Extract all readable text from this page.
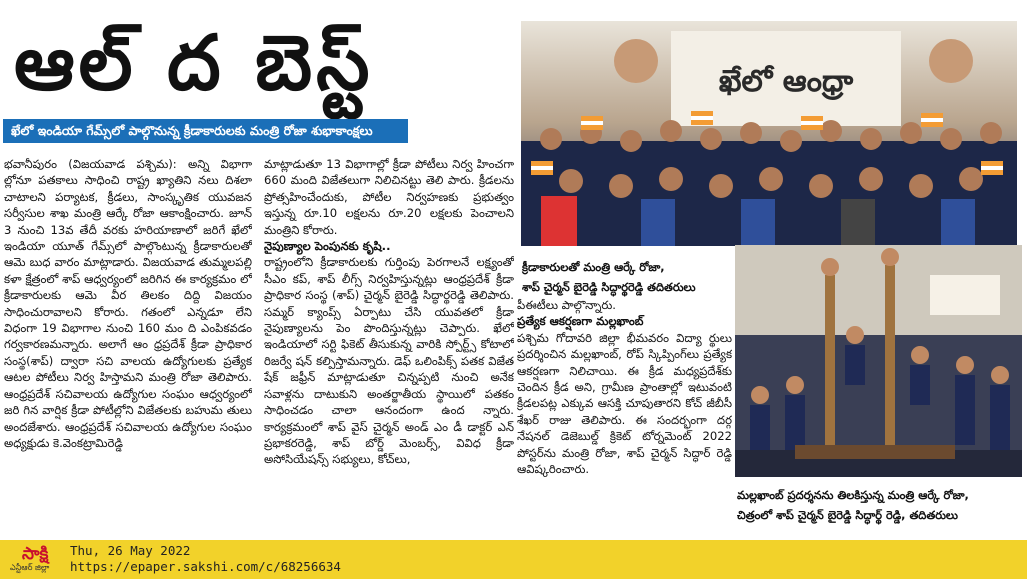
ఆల్ ద బెస్ట్
ఖేలో ఇండియా గేమ్స్‌లో పాల్గొనున్న క్రీడాకారులకు మంత్రి రోజా శుభాకాంక్షలు

భవానీపురం (విజయవాడ పశ్చిమ): అన్ని విభాగా ల్లోనూ పతకాలు సాధించి రాష్ట్ర ఖ్యాతిని నలు దిశలా చాటాలని పర్యాటక, క్రీడలు, సాంస్కృతిక యువజన సర్వీసుల శాఖ మంత్రి ఆర్కే రోజా ఆకాంక్షించారు. జూన్ 3 నుంచి 13వ తేదీ వరకు హరియాణాలో జరిగే ఖేలో ఇండియా యూత్ గేమ్స్‌లో పాల్గొంటున్న క్రీడాకారులతో ఆమె బుధ వారం మాట్లాడారు. విజయవాడ తుమ్మలపల్లి కళా క్షేత్రంలో శాప్ ఆధ్వర్యంలో జరిగిన ఈ కార్యక్రమం లో క్రీడాకారులకు ఆమె వీర తిలకం దిద్ది విజయం సాధించురావాలని కోరారు. గతంలో ఎన్నడూ లేని విధంగా 19 విభాగాల నుంచి 160 మం ది ఎంపికవడం గర్వకారణమన్నారు. అలాగే ఆం ధ్రప్రదేశ్ క్రీడా ప్రాధికార సంస్థ(శాప్) ద్వారా సచి వాలయ ఉద్యోగులకు ప్రత్యేక ఆటల పోటీలు నిర్వ హిస్తామని మంత్రి రోజా తెలిపారు. ఆంధ్రప్రదేశ్ సచివాలయ ఉద్యోగుల సంఘం ఆధ్వర్యంలో జరి గిన వార్షిక క్రీడా పోటీల్లోని విజేతలకు బహుమ తులు అందజేశారు. ఆంధ్రప్రదేశ్ సచివాలయ ఉద్యోగుల సంఘం అధ్యక్షుడు కె.వెంకట్రామిరెడ్డి

మాట్లాడుతూ 13 విభాగాల్లో క్రీడా పోటీలు నిర్వ హించగా 660 మంది విజేతలుగా నిలిచినట్టు తెలి పారు. క్రీడలను ప్రోత్సహించేందుకు, పోటీల నిర్వహణకు ప్రభుత్వం ఇస్తున్న రూ.10 లక్షలను రూ.20 లక్షలకు పెంచాలని మంత్రిని కోరారు.

నైపుణ్యాల పెంపునకు కృషి..

రాష్ట్రంలోని క్రీడాకారులకు గుర్తింపు పెరగాలనే లక్ష్యంతో సీఎం కప్, శాప్ లీగ్స్ నిర్వహిస్తున్నట్లు ఆంధ్రప్రదేశ్ క్రీడా ప్రాధికార సంస్థ (శాప్) చైర్మన్ బైరెడ్డి సిద్ధార్థరెడ్డి తెలిపారు. సమ్మర్ క్యాంప్స్ ఏర్పాటు చేసి యువతలో క్రీడా నైపుణ్యాలను పెం పొందిస్తున్నట్లు చెప్పారు. ఖేలో ఇండియాలో సర్టి ఫికెట్ తీసుకున్న వారికి స్పోర్ట్స్ కోటాలో రిజర్వే షన్ కల్పిస్తామన్నారు. డెఫ్ ఒలింపిక్స్ పతక విజేత షేక్ జఫ్రీన్ మాట్లాడుతూ చిన్నప్పటి నుంచి అనేక సవాళ్లను దాటుకుని అంతర్జాతీయ స్థాయిలో పతకం సాధించడం చాలా ఆనందంగా ఉంద న్నారు. కార్యక్రమంలో శాప్ వైస్ చైర్మన్ అండ్ ఎం డీ డాక్టర్ ఎన్ ప్రభాకరరెడ్డి, శాప్ బోర్డ్ మెంబర్స్, వివిధ క్రీడా అసోసియేషన్స్ సభ్యులు, కోచ్‌లు,

పీఈటీలు పాల్గొన్నారు.

ప్రత్యేక ఆకర్షణగా మల్లఖాంబ్

పశ్చిమ గోదావరి జిల్లా భీమవరం విద్యా ర్థులు ప్రదర్శించిన మల్లఖాంబ్, రోప్ స్కిప్పింగ్‌లు ప్రత్యేక ఆకర్షణగా నిలిచాయి. ఈ క్రీడ మధ్యప్రదేశ్‌కు చెందిన క్రీడ అని, గ్రామీణ ప్రాంతాల్లో ఇటువంటి క్రీడలపట్ల ఎక్కువ ఆసక్తి చూపుతారని కోచ్ జీబీసీ శేఖర్ రాజు తెలిపారు. ఈ సందర్భంగా దర్గ నేషనల్ డెజెబుల్డ్ క్రికెట్ టోర్నమెంట్ 2022 పోస్టర్‌ను మంత్రి రోజా, శాప్ చైర్మన్ సిద్ధార్ రెడ్డి ఆవిష్కరించారు.

ఖేలో ఆంధ్రా
క్రీడాకారులతో మంత్రి ఆర్కే రోజా,
శాప్ చైర్మన్ బైరెడ్డి సిద్ధార్థరెడ్డి తదితరులు
మల్లఖాంబ్ ప్రదర్శనను తిలకిస్తున్న మంత్రి ఆర్కే రోజా,
చిత్రంలో శాప్ చైర్మన్ బైరెడ్డి సిద్ధార్థ్ రెడ్డి, తదితరులు
సాక్షి
ఎన్టీఆర్ జిల్లా
Thu, 26 May 2022
https://epaper.sakshi.com/c/68256634
